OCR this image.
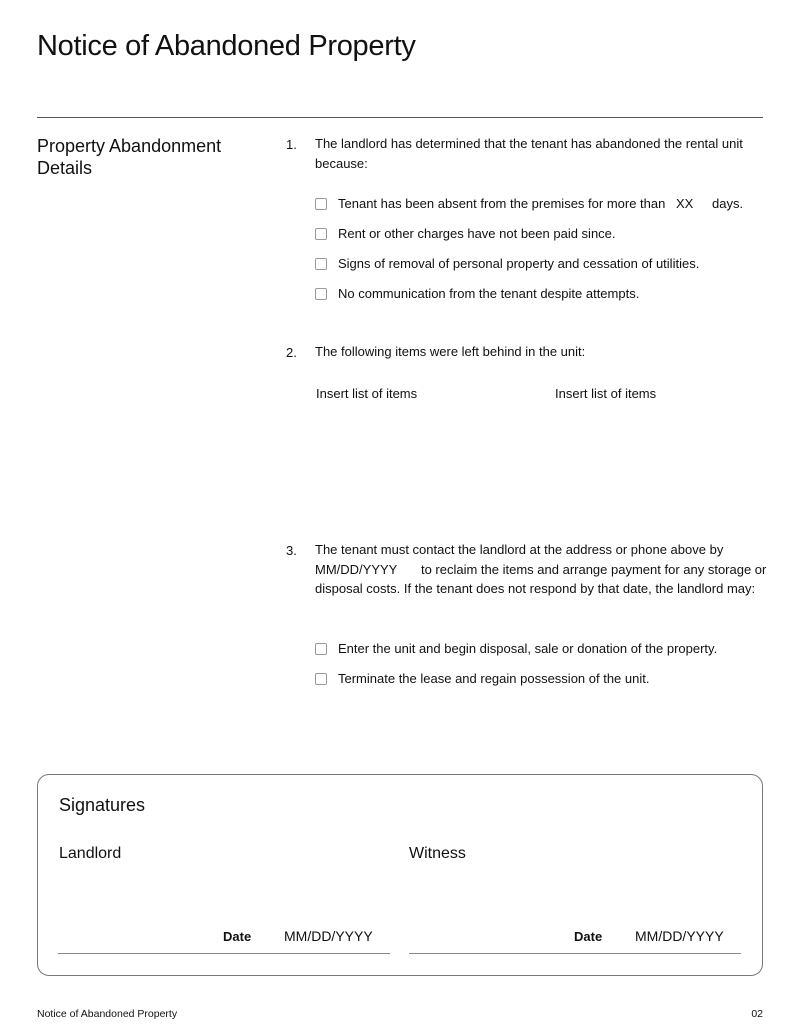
Notice of Abandoned Property
Property Abandonment Details
1. The landlord has determined that the tenant has abandoned the rental unit because:
Tenant has been absent from the premises for more than XX days.
Rent or other charges have not been paid since.
Signs of removal of personal property and cessation of utilities.
No communication from the tenant despite attempts.
2. The following items were left behind in the unit:
Insert list of items	Insert list of items
3. The tenant must contact the landlord at the address or phone above by MM/DD/YYYY to reclaim the items and arrange payment for any storage or disposal costs. If the tenant does not respond by that date, the landlord may:
Enter the unit and begin disposal, sale or donation of the property.
Terminate the lease and regain possession of the unit.
Signatures
Landlord	Witness
Date MM/DD/YYYY	Date MM/DD/YYYY
Notice of Abandoned Property	02
